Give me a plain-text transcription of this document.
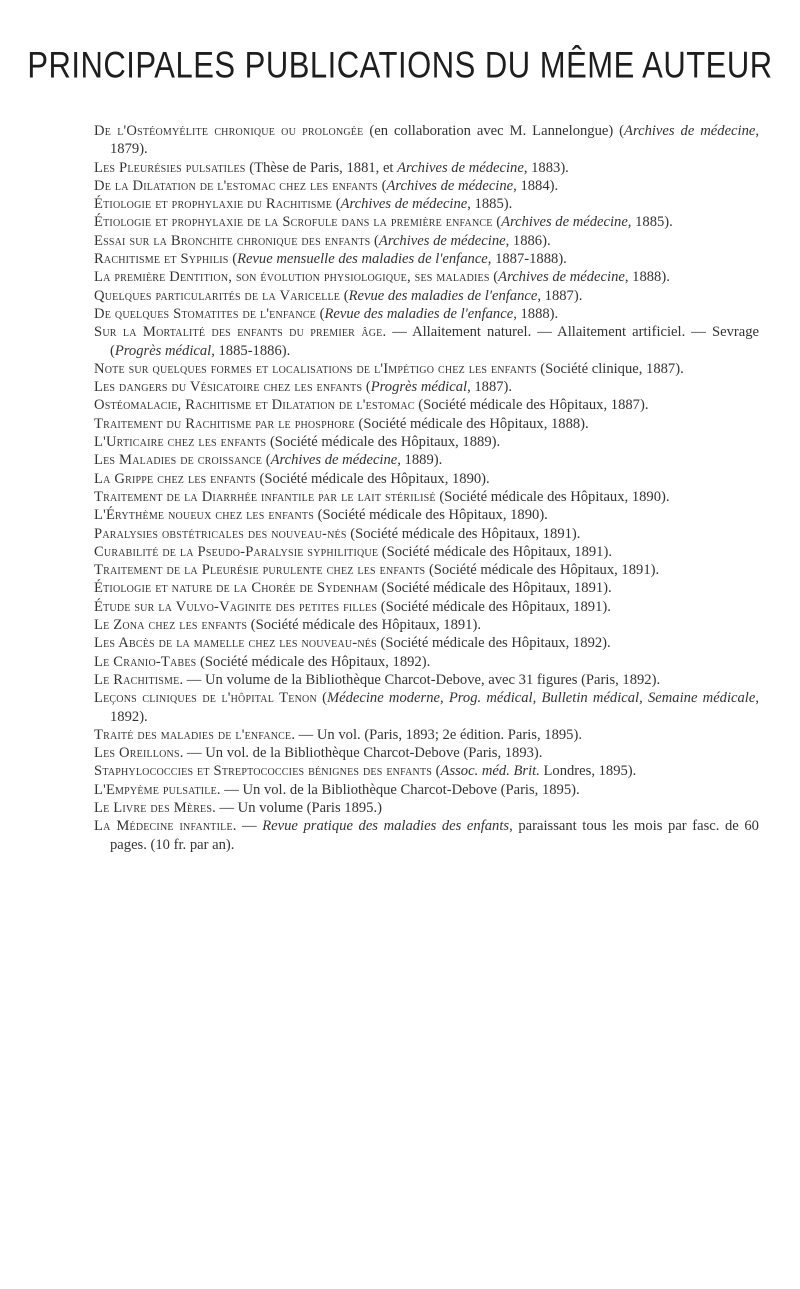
PRINCIPALES PUBLICATIONS DU MÊME AUTEUR
De l'Ostéomyélite chronique ou prolongée (en collaboration avec M. Lannelongue) (Archives de médecine, 1879).
Les Pleurésies pulsatiles (Thèse de Paris, 1881, et Archives de médecine, 1883).
De la Dilatation de l'estomac chez les enfants (Archives de médecine, 1884).
Étiologie et prophylaxie du Rachitisme (Archives de médecine, 1885).
Étiologie et prophylaxie de la Scrofule dans la première enfance (Archives de médecine, 1885).
Essai sur la Bronchite chronique des enfants (Archives de médecine, 1886).
Rachitisme et Syphilis (Revue mensuelle des maladies de l'enfance, 1887-1888).
La première Dentition, son évolution physiologique, ses maladies (Archives de médecine, 1888).
Quelques particularités de la Varicelle (Revue des maladies de l'enfance, 1887).
De quelques Stomatites de l'enfance (Revue des maladies de l'enfance, 1888).
Sur la Mortalité des enfants du premier âge. — Allaitement naturel. — Allaitement artificiel. — Sevrage (Progrès médical, 1885-1886).
Note sur quelques formes et localisations de l'Impétigo chez les enfants (Société clinique, 1887).
Les dangers du Vésicatoire chez les enfants (Progrès médical, 1887).
Ostéomalacie, Rachitisme et Dilatation de l'estomac (Société médicale des Hôpitaux, 1887).
Traitement du Rachitisme par le phosphore (Société médicale des Hôpitaux, 1888).
L'Urticaire chez les enfants (Société médicale des Hôpitaux, 1889).
Les Maladies de croissance (Archives de médecine, 1889).
La Grippe chez les enfants (Société médicale des Hôpitaux, 1890).
Traitement de la Diarrhée infantile par le lait stérilisé (Société médicale des Hôpitaux, 1890).
L'Érythème noueux chez les enfants (Société médicale des Hôpitaux, 1890).
Paralysies obstétricales des nouveau-nés (Société médicale des Hôpitaux, 1891).
Curabilité de la Pseudo-Paralysie syphilitique (Société médicale des Hôpitaux, 1891).
Traitement de la Pleurésie purulente chez les enfants (Société médicale des Hôpitaux, 1891).
Étiologie et nature de la Chorée de Sydenham (Société médicale des Hôpitaux, 1891).
Étude sur la Vulvo-Vaginite des petites filles (Société médicale des Hôpitaux, 1891).
Le Zona chez les enfants (Société médicale des Hôpitaux, 1891).
Les Abcès de la mamelle chez les nouveau-nés (Société médicale des Hôpitaux, 1892).
Le Cranio-Tabes (Société médicale des Hôpitaux, 1892).
Le Rachitisme. — Un volume de la Bibliothèque Charcot-Debove, avec 31 figures (Paris, 1892).
Leçons cliniques de l'hôpital Tenon (Médecine moderne, Prog. médical, Bulletin médical, Semaine médicale, 1892).
Traité des maladies de l'enfance. — Un vol. (Paris, 1893; 2e édition. Paris, 1895).
Les Oreillons. — Un vol. de la Bibliothèque Charcot-Debove (Paris, 1893).
Staphylococcies et Streptococcies bénignes des enfants (Assoc. méd. Brit. Londres, 1895).
L'Empyème pulsatile. — Un vol. de la Bibliothèque Charcot-Debove (Paris, 1895).
Le Livre des Mères. — Un volume (Paris 1895.)
La Médecine infantile. — Revue pratique des maladies des enfants, paraissant tous les mois par fasc. de 60 pages. (10 fr. par an).
